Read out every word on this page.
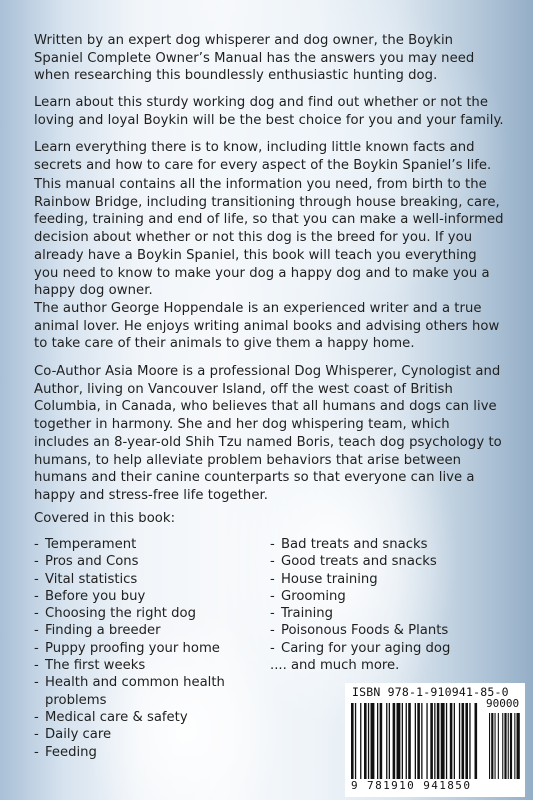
Written by an expert dog whisperer and dog owner, the Boykin Spaniel Complete Owner’s Manual has the answers you may need when researching this boundlessly enthusiastic hunting dog.

Learn about this sturdy working dog and find out whether or not the loving and loyal Boykin will be the best choice for you and your family.

Learn everything there is to know, including little known facts and secrets and how to care for every aspect of the Boykin Spaniel’s life.

This manual contains all the information you need, from birth to the Rainbow Bridge, including transitioning through house breaking, care, feeding, training and end of life, so that you can make a well-informed decision about whether or not this dog is the breed for you. If you already have a Boykin Spaniel, this book will teach you everything you need to know to make your dog a happy dog and to make you a happy dog owner.

The author George Hoppendale is an experienced writer and a true animal lover. He enjoys writing animal books and advising others how to take care of their animals to give them a happy home.

Co-Author Asia Moore is a professional Dog Whisperer, Cynologist and Author, living on Vancouver Island, off the west coast of British Columbia, in Canada, who believes that all humans and dogs can live together in harmony. She and her dog whispering team, which includes an 8-year-old Shih Tzu named Boris, teach dog psychology to humans, to help alleviate problem behaviors that arise between humans and their canine counterparts so that everyone can live a happy and stress-free life together.

Covered in this book:

- Temperament
- Pros and Cons
- Vital statistics
- Before you buy
- Choosing the right dog
- Finding a breeder
- Puppy proofing your home
- The first weeks
- Health and common health problems
- Medical care & safety
- Daily care
- Feeding
- Bad treats and snacks
- Good treats and snacks
- House training
- Grooming
- Training
- Poisonous Foods & Plants
- Caring for your aging dog
.... and much more.
ISBN 978-1-910941-85-0
90000
9 781910 941850
